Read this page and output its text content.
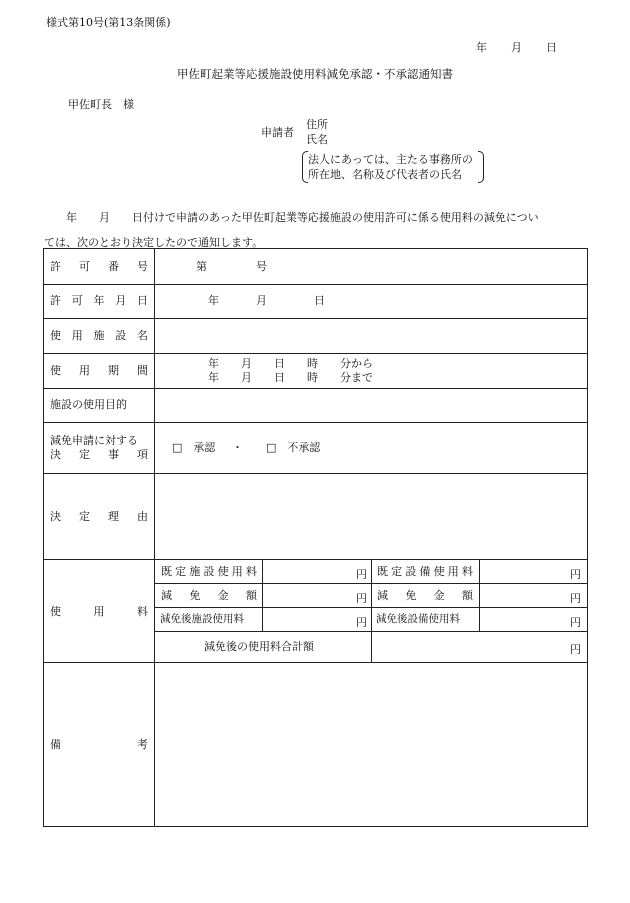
様式第10号(第13条関係)
年 月 日
甲佐町起業等応援施設使用料減免承認・不承認通知書
甲佐町長　様
申請者
住所
氏名
法人にあっては、主たる事務所の
所在地、名称及び代表者の氏名
年　　月　　日付けで申請のあった甲佐町起業等応援施設の使用許可に係る使用料の減免につい
ては、次のとおり決定したので通知します。
許 可 番 号	第	号
許 可 年 月 日	年	月	日
使 用 施 設 名
使 用 期 間
年　　月　　日　　時　　分から
年　　月　　日　　時　　分まで
施設の使用目的
減免申請に対する
決 定 事 項
□　承認 ・ □　不承認
決 定 理 由
使	用	料
既 定 施 設 使 用 料	円 既 定 設 備 使 用 料	円
減 免 金 額	円 減 免 金 額	円
減免後施設使用料	円 減免後設備使用料	円
減免後の使用料合計額	円
備	考
